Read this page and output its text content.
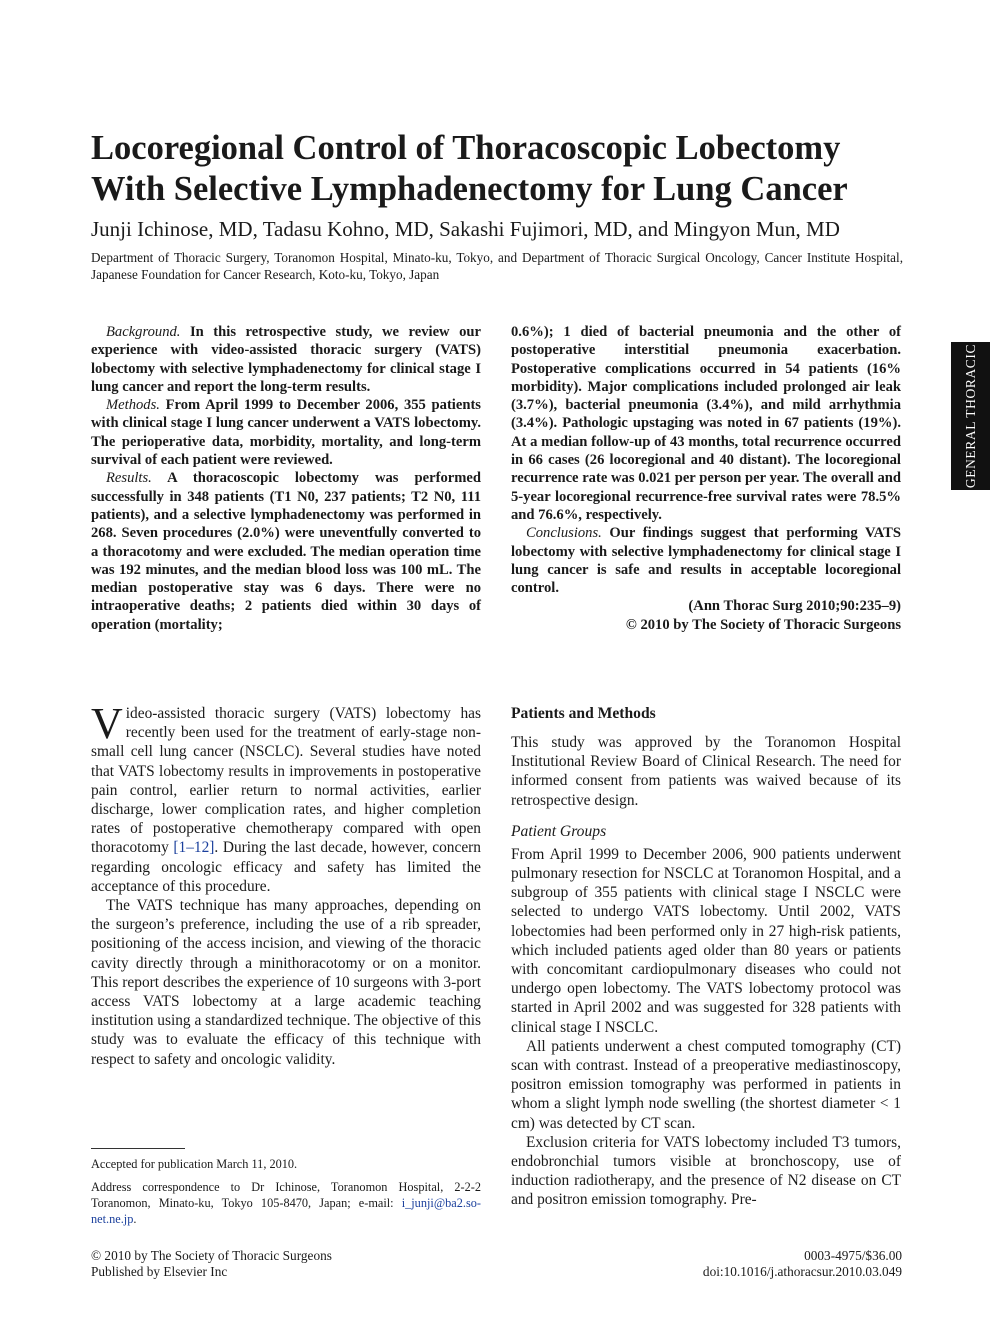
Locoregional Control of Thoracoscopic Lobectomy
With Selective Lymphadenectomy for Lung Cancer
Junji Ichinose, MD, Tadasu Kohno, MD, Sakashi Fujimori, MD, and Mingyon Mun, MD
Department of Thoracic Surgery, Toranomon Hospital, Minato-ku, Tokyo, and Department of Thoracic Surgical Oncology, Cancer Institute Hospital, Japanese Foundation for Cancer Research, Koto-ku, Tokyo, Japan
GENERAL THORACIC

Background. In this retrospective study, we review our experience with video-assisted thoracic surgery (VATS) lobectomy with selective lymphadenectomy for clinical stage I lung cancer and report the long-term results.

Methods. From April 1999 to December 2006, 355 patients with clinical stage I lung cancer underwent a VATS lobectomy. The perioperative data, morbidity, mortality, and long-term survival of each patient were reviewed.

Results. A thoracoscopic lobectomy was performed successfully in 348 patients (T1 N0, 237 patients; T2 N0, 111 patients), and a selective lymphadenectomy was performed in 268. Seven procedures (2.0%) were uneventfully converted to a thoracotomy and were excluded. The median operation time was 192 minutes, and the median blood loss was 100 mL. The median postoperative stay was 6 days. There were no intraoperative deaths; 2 patients died within 30 days of operation (mortality;

0.6%); 1 died of bacterial pneumonia and the other of postoperative interstitial pneumonia exacerbation. Postoperative complications occurred in 54 patients (16% morbidity). Major complications included prolonged air leak (3.7%), bacterial pneumonia (3.4%), and mild arrhythmia (3.4%). Pathologic upstaging was noted in 67 patients (19%). At a median follow-up of 43 months, total recurrence occurred in 66 cases (26 locoregional and 40 distant). The locoregional recurrence rate was 0.021 per person per year. The overall and 5-year locoregional recurrence-free survival rates were 78.5% and 76.6%, respectively.

Conclusions. Our findings suggest that performing VATS lobectomy with selective lymphadenectomy for clinical stage I lung cancer is safe and results in acceptable locoregional control.

(Ann Thorac Surg 2010;90:235–9)

© 2010 by The Society of Thoracic Surgeons

Video-assisted thoracic surgery (VATS) lobectomy has recently been used for the treatment of early-stage non-small cell lung cancer (NSCLC). Several studies have noted that VATS lobectomy results in improvements in postoperative pain control, earlier return to normal activities, earlier discharge, lower complication rates, and higher completion rates of postoperative chemotherapy compared with open thoracotomy [1–12]. During the last decade, however, concern regarding oncologic efficacy and safety has limited the acceptance of this procedure.

The VATS technique has many approaches, depending on the surgeon’s preference, including the use of a rib spreader, positioning of the access incision, and viewing of the thoracic cavity directly through a minithoracotomy or on a monitor. This report describes the experience of 10 surgeons with 3-port access VATS lobectomy at a large academic teaching institution using a standardized technique. The objective of this study was to evaluate the efficacy of this technique with respect to safety and oncologic validity.

Patients and Methods

This study was approved by the Toranomon Hospital Institutional Review Board of Clinical Research. The need for informed consent from patients was waived because of its retrospective design.

Patient Groups

From April 1999 to December 2006, 900 patients underwent pulmonary resection for NSCLC at Toranomon Hospital, and a subgroup of 355 patients with clinical stage I NSCLC were selected to undergo VATS lobectomy. Until 2002, VATS lobectomies had been performed only in 27 high-risk patients, which included patients aged older than 80 years or patients with concomitant cardiopulmonary diseases who could not undergo open lobectomy. The VATS lobectomy protocol was started in April 2002 and was suggested for 328 patients with clinical stage I NSCLC.

All patients underwent a chest computed tomography (CT) scan with contrast. Instead of a preoperative mediastinoscopy, positron emission tomography was performed in patients in whom a slight lymph node swelling (the shortest diameter < 1 cm) was detected by CT scan.

Exclusion criteria for VATS lobectomy included T3 tumors, endobronchial tumors visible at bronchoscopy, use of induction radiotherapy, and the presence of N2 disease on CT and positron emission tomography. Pre-

Accepted for publication March 11, 2010.

Address correspondence to Dr Ichinose, Toranomon Hospital, 2-2-2 Toranomon, Minato-ku, Tokyo 105-8470, Japan; e-mail: i_junji@ba2.so-net.ne.jp.

© 2010 by The Society of Thoracic Surgeons
Published by Elsevier Inc
0003-4975/$36.00
doi:10.1016/j.athoracsur.2010.03.049
